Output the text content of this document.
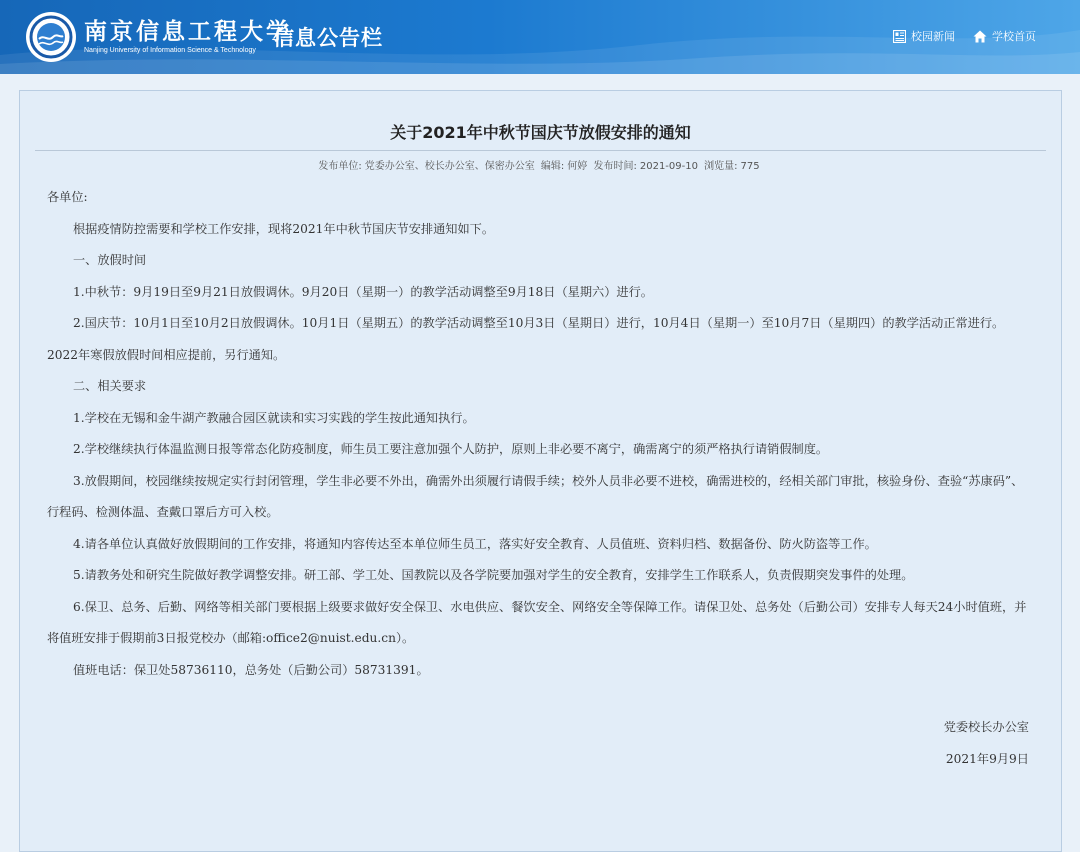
南京信息工程大学
Nanjing University of Information Science & Technology
信息公告栏	校园新闻	学校首页
关于2021年中秋节国庆节放假安排的通知
发布单位: 党委办公室、校长办公室、保密办公室 编辑: 何婷 发布时间: 2021-09-10 浏览量: 775

各单位:

根据疫情防控需要和学校工作安排，现将2021年中秋节国庆节安排通知如下。

一、放假时间

1.中秋节：9月19日至9月21日放假调休。9月20日（星期一）的教学活动调整至9月18日（星期六）进行。

2.国庆节：10月1日至10月2日放假调休。10月1日（星期五）的教学活动调整至10月3日（星期日）进行，10月4日（星期一）至10月7日（星期四）的教学活动正常进行。2022年寒假放假时间相应提前，另行通知。

二、相关要求

1.学校在无锡和金牛湖产教融合园区就读和实习实践的学生按此通知执行。

2.学校继续执行体温监测日报等常态化防疫制度，师生员工要注意加强个人防护，原则上非必要不离宁，确需离宁的须严格执行请销假制度。

3.放假期间，校园继续按规定实行封闭管理，学生非必要不外出，确需外出须履行请假手续；校外人员非必要不进校，确需进校的，经相关部门审批，核验身份、查验“苏康码”、行程码、检测体温、查戴口罩后方可入校。

4.请各单位认真做好放假期间的工作安排，将通知内容传达至本单位师生员工，落实好安全教育、人员值班、资料归档、数据备份、防火防盗等工作。

5.请教务处和研究生院做好教学调整安排。研工部、学工处、国教院以及各学院要加强对学生的安全教育，安排学生工作联系人，负责假期突发事件的处理。

6.保卫、总务、后勤、网络等相关部门要根据上级要求做好安全保卫、水电供应、餐饮安全、网络安全等保障工作。请保卫处、总务处（后勤公司）安排专人每天24小时值班，并将值班安排于假期前3日报党校办（邮箱:office2@nuist.edu.cn）。

值班电话：保卫处58736110，总务处（后勤公司）58731391。

党委校长办公室

2021年9月9日
